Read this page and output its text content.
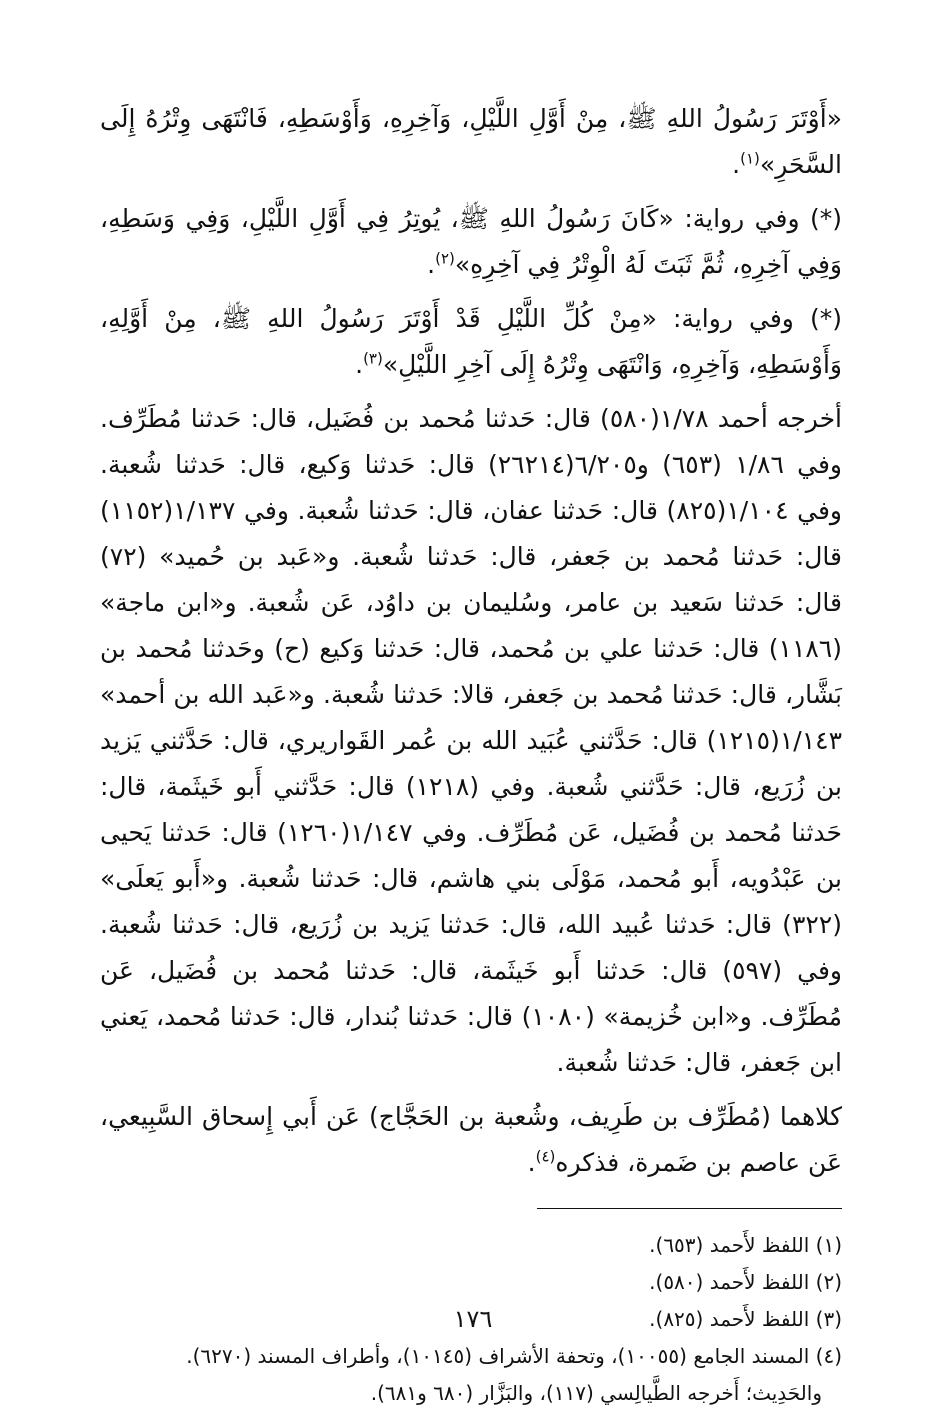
«أَوْتَرَ رَسُولُ اللهِ ﷺ، مِنْ أَوَّلِ اللَّيْلِ، وَآخِرِهِ، وَأَوْسَطِهِ، فَانْتَهَى وِتْرُهُ إِلَى السَّحَرِ»$^{(١)}$.

(*) وفي رواية: «كَانَ رَسُولُ اللهِ ﷺ، يُوتِرُ فِي أَوَّلِ اللَّيْلِ، وَفِي وَسَطِهِ، وَفِي آخِرِهِ، ثُمَّ ثَبَتَ لَهُ الْوِتْرُ فِي آخِرِهِ»$^{(٢)}$.

(*) وفي رواية: «مِنْ كُلِّ اللَّيْلِ قَدْ أَوْتَرَ رَسُولُ اللهِ ﷺ، مِنْ أَوَّلِهِ، وَأَوْسَطِهِ، وَآخِرِهِ، وَانْتَهَى وِتْرُهُ إِلَى آخِرِ اللَّيْلِ»$^{(٣)}$.

أخرجه أحمد ١/٧٨(٥٨٠) قال: حَدثنا مُحمد بن فُضَيل، قال: حَدثنا مُطَرِّف. وفي ١/٨٦ (٦٥٣) و٦/٢٠٥(٢٦٢١٤) قال: حَدثنا وَكيع، قال: حَدثنا شُعبة. وفي ١/١٠٤(٨٢٥) قال: حَدثنا عفان، قال: حَدثنا شُعبة. وفي ١/١٣٧(١١٥٢) قال: حَدثنا مُحمد بن جَعفر، قال: حَدثنا شُعبة. و«عَبد بن حُميد» (٧٢) قال: حَدثنا سَعيد بن عامر، وسُليمان بن داوُد، عَن شُعبة. و«ابن ماجة» (١١٨٦) قال: حَدثنا علي بن مُحمد، قال: حَدثنا وَكيع (ح) وحَدثنا مُحمد بن بَشَّار، قال: حَدثنا مُحمد بن جَعفر، قالا: حَدثنا شُعبة. و«عَبد الله بن أحمد» ١/١٤٣(١٢١٥) قال: حَدَّثني عُبَيد الله بن عُمر القَواريري، قال: حَدَّثني يَزيد بن زُرَيع، قال: حَدَّثني شُعبة. وفي (١٢١٨) قال: حَدَّثني أَبو خَيثَمة، قال: حَدثنا مُحمد بن فُضَيل، عَن مُطَرِّف. وفي ١/١٤٧(١٢٦٠) قال: حَدثنا يَحيى بن عَبْدُويه، أَبو مُحمد، مَوْلَى بني هاشم، قال: حَدثنا شُعبة. و«أَبو يَعلَى» (٣٢٢) قال: حَدثنا عُبيد الله، قال: حَدثنا يَزيد بن زُرَيع، قال: حَدثنا شُعبة. وفي (٥٩٧) قال: حَدثنا أَبو خَيثَمة، قال: حَدثنا مُحمد بن فُضَيل، عَن مُطَرِّف. و«ابن خُزيمة» (١٠٨٠) قال: حَدثنا بُندار، قال: حَدثنا مُحمد، يَعني ابن جَعفر، قال: حَدثنا شُعبة.

كلاهما (مُطَرِّف بن طَرِيف، وشُعبة بن الحَجَّاج) عَن أَبي إِسحاق السَّبِيعي، عَن عاصم بن ضَمرة، فذكره$^{(٤)}$.

(١) اللفظ لأَحمد (٦٥٣).

(٢) اللفظ لأَحمد (٥٨٠).

(٣) اللفظ لأَحمد (٨٢٥).

(٤) المسند الجامع (١٠٠٥٥)، وتحفة الأشراف (١٠١٤٥)، وأطراف المسند (٦٢٧٠).

والحَدِيث؛ أَخرجه الطَّيالِسي (١١٧)، والبَزَّار (٦٨٠ و٦٨١).

١٧٦
